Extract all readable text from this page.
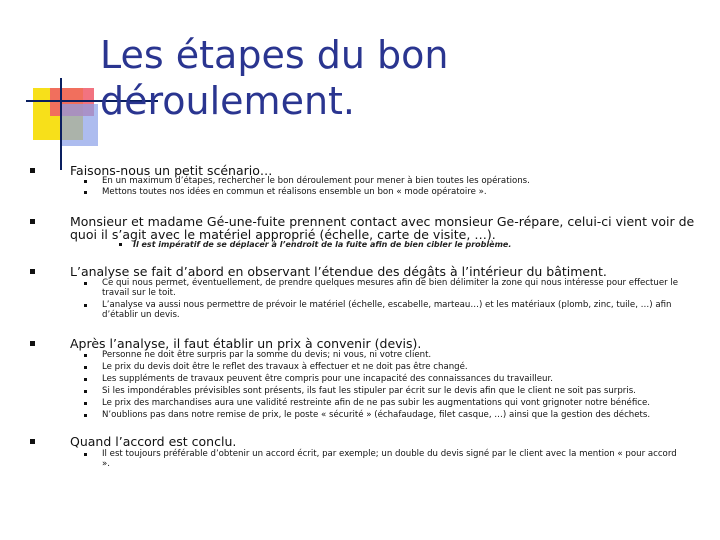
Les étapes du bon
déroulement.
Faisons-nous un petit scénario…
En un maximum d’étapes, rechercher le bon déroulement pour mener à bien toutes les opérations.
Mettons toutes nos idées en commun et réalisons ensemble un bon « mode opératoire ».
Monsieur et madame Gé-une-fuite prennent contact avec monsieur Ge-répare, celui-ci vient voir de quoi il s’agit avec le matériel approprié (échelle, carte de visite, …).
Il est impératif de se déplacer à l’endroit de la fuite afin de bien cibler le problème.
L’analyse se fait d’abord en observant l’étendue des dégâts à l’intérieur du bâtiment.
Ce qui nous permet, éventuellement, de prendre quelques mesures afin de bien délimiter la zone qui nous intéresse pour effectuer le travail sur le toit.
L’analyse va aussi nous permettre de prévoir le matériel (échelle, escabelle, marteau…) et les matériaux (plomb, zinc, tuile, …) afin d’établir un devis.
Après l’analyse, il faut établir un prix à convenir (devis).
Personne ne doit être surpris par la somme du devis; ni vous, ni votre client.
Le prix du devis doit être le reflet des travaux à effectuer et ne doit pas être changé.
Les suppléments de travaux peuvent être compris pour une incapacité des connaissances du travailleur.
Si les impondérables prévisibles sont présents, ils faut les stipuler par écrit sur le devis afin que le client ne soit pas surpris.
Le prix des marchandises aura une validité restreinte afin de ne pas subir les augmentations qui vont grignoter notre bénéfice.
N’oublions pas dans notre remise de prix, le poste « sécurité » (échafaudage, filet casque, …) ainsi que la gestion des déchets.
Quand l’accord est conclu.
Il est toujours préférable d’obtenir un accord écrit, par exemple; un double du devis signé par le client avec la mention « pour accord ».
